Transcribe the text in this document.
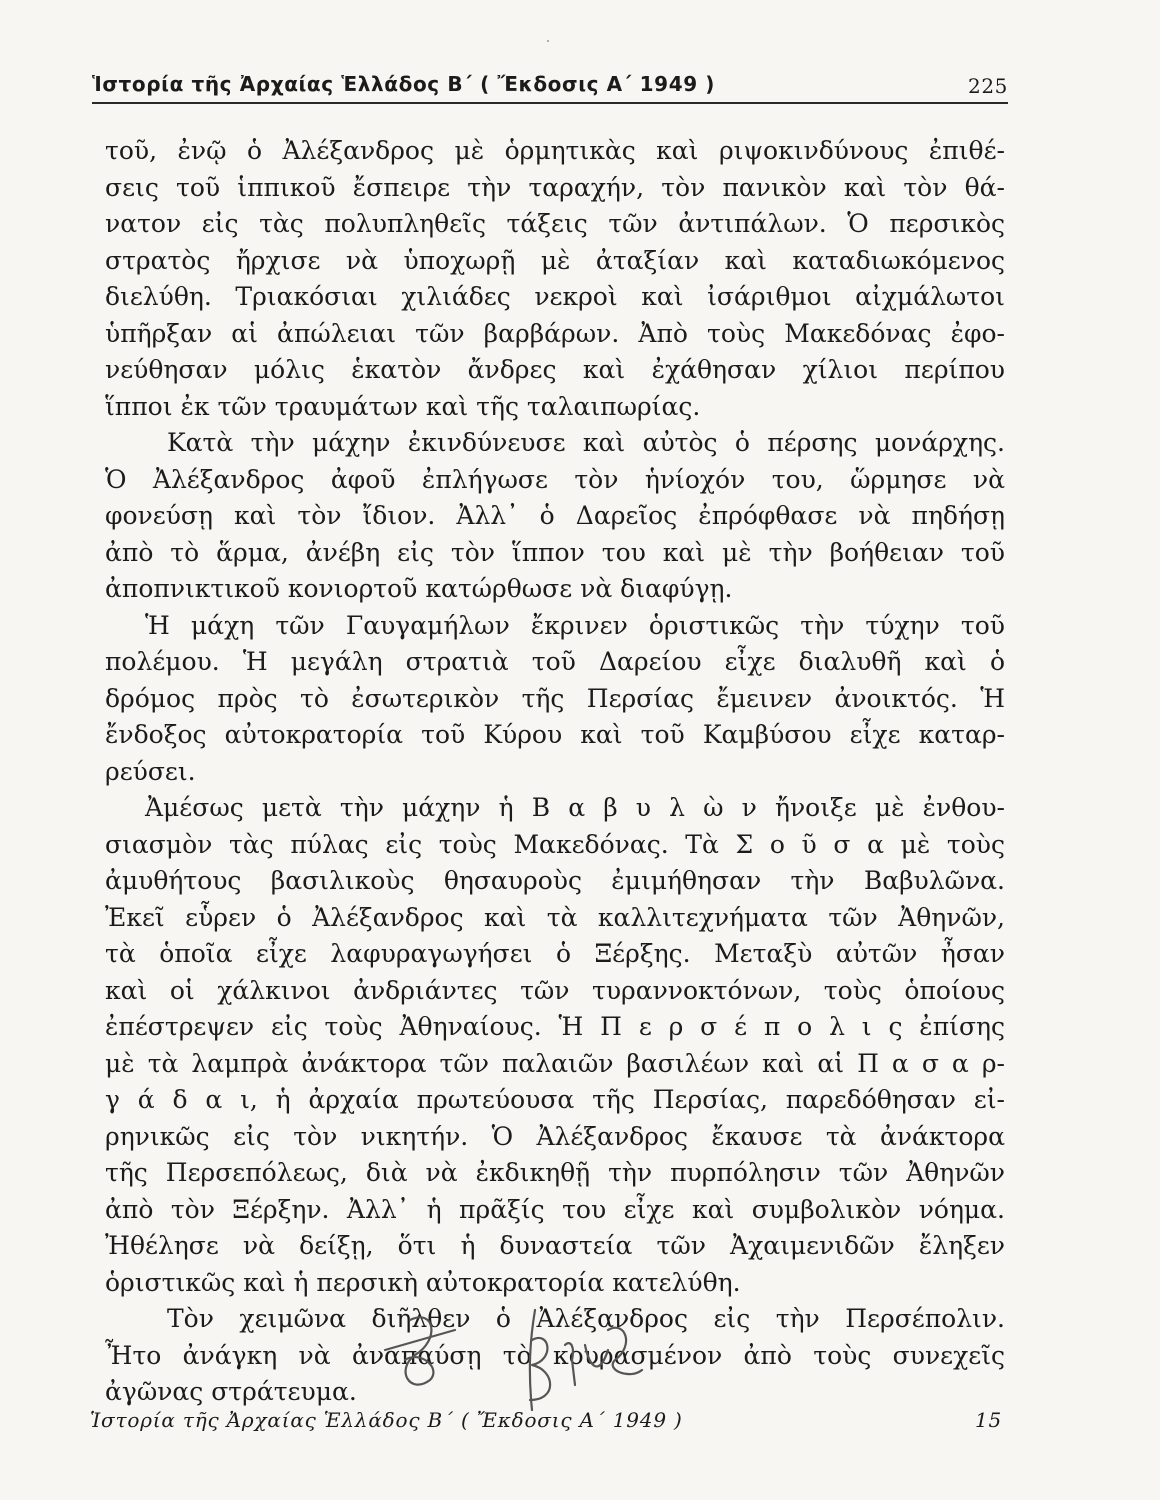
Ἱστορία τῆς Ἀρχαίας Ἑλλάδος Β΄ ( Ἔκδοσις Α΄ 1949 )	225
τοῦ, ἐνῷ ὁ Ἀλέξανδρος μὲ ὁρμητικὰς καὶ ριψοκινδύνους ἐπιθέ-
σεις τοῦ ἱππικοῦ ἔσπειρε τὴν ταραχήν, τὸν πανικὸν καὶ τὸν θά-
νατον εἰς τὰς πολυπληθεῖς τάξεις τῶν ἀντιπάλων. Ὁ περσικὸς
στρατὸς ἤρχισε νὰ ὑποχωρῇ μὲ ἀταξίαν καὶ καταδιωκόμενος
διελύθη. Τριακόσιαι χιλιάδες νεκροὶ καὶ ἰσάριθμοι αἰχμάλωτοι
ὑπῆρξαν αἱ ἀπώλειαι τῶν βαρβάρων. Ἀπὸ τοὺς Μακεδόνας ἐφο-
νεύθησαν μόλις ἑκατὸν ἄνδρες καὶ ἐχάθησαν χίλιοι περίπου
ἵπποι ἐκ τῶν τραυμάτων καὶ τῆς ταλαιπωρίας.
Κατὰ τὴν μάχην ἐκινδύνευσε καὶ αὐτὸς ὁ πέρσης μονάρχης.
Ὁ Ἀλέξανδρος ἀφοῦ ἐπλήγωσε τὸν ἡνίοχόν του, ὥρμησε νὰ
φονεύσῃ καὶ τὸν ἴδιον. Ἀλλ᾿ ὁ Δαρεῖος ἐπρόφθασε νὰ πηδήσῃ
ἀπὸ τὸ ἅρμα, ἀνέβη εἰς τὸν ἵππον του καὶ μὲ τὴν βοήθειαν τοῦ
ἀποπνικτικοῦ κονιορτοῦ κατώρθωσε νὰ διαφύγῃ.
Ἡ μάχη τῶν Γαυγαμήλων ἔκρινεν ὁριστικῶς τὴν τύχην τοῦ
πολέμου. Ἡ μεγάλη στρατιὰ τοῦ Δαρείου εἶχε διαλυθῆ καὶ ὁ
δρόμος πρὸς τὸ ἐσωτερικὸν τῆς Περσίας ἔμεινεν ἀνοικτός. Ἡ
ἔνδοξος αὐτοκρατορία τοῦ Κύρου καὶ τοῦ Καμβύσου εἶχε καταρ-
ρεύσει.
Ἀμέσως μετὰ τὴν μάχην ἡ Β α β υ λ ὼ ν ἤνοιξε μὲ ἐνθου-
σιασμὸν τὰς πύλας εἰς τοὺς Μακεδόνας. Τὰ Σ ο ῦ σ α μὲ τοὺς
ἀμυθήτους βασιλικοὺς θησαυροὺς ἐμιμήθησαν τὴν Βαβυλῶνα.
Ἐκεῖ εὗρεν ὁ Ἀλέξανδρος καὶ τὰ καλλιτεχνήματα τῶν Ἀθηνῶν,
τὰ ὁποῖα εἶχε λαφυραγωγήσει ὁ Ξέρξης. Μεταξὺ αὐτῶν ἦσαν
καὶ οἱ χάλκινοι ἀνδριάντες τῶν τυραννοκτόνων, τοὺς ὁποίους
ἐπέστρεψεν εἰς τοὺς Ἀθηναίους. Ἡ Π ε ρ σ έ π ο λ ι ς ἐπίσης
μὲ τὰ λαμπρὰ ἀνάκτορα τῶν παλαιῶν βασιλέων καὶ αἱ Π α σ α ρ-
γ ά δ α ι, ἡ ἀρχαία πρωτεύουσα τῆς Περσίας, παρεδόθησαν εἰ-
ρηνικῶς εἰς τὸν νικητήν. Ὁ Ἀλέξανδρος ἔκαυσε τὰ ἀνάκτορα
τῆς Περσεπόλεως, διὰ νὰ ἐκδικηθῇ τὴν πυρπόλησιν τῶν Ἀθηνῶν
ἀπὸ τὸν Ξέρξην. Ἀλλ᾿ ἡ πρᾶξίς του εἶχε καὶ συμβολικὸν νόημα.
Ἠθέλησε νὰ δείξῃ, ὅτι ἡ δυναστεία τῶν Ἀχαιμενιδῶν ἔληξεν
ὁριστικῶς καὶ ἡ περσικὴ αὐτοκρατορία κατελύθη.
Τὸν χειμῶνα διῆλθεν ὁ Ἀλέξανδρος εἰς τὴν Περσέπολιν.
Ἦτο ἀνάγκη νὰ ἀναπαύσῃ τὸ κουρασμένον ἀπὸ τοὺς συνεχεῖς
ἀγῶνας στράτευμα.
Ἱστορία τῆς Ἀρχαίας Ἑλλάδος Β΄ ( Ἔκδοσις Α΄ 1949 )	15
